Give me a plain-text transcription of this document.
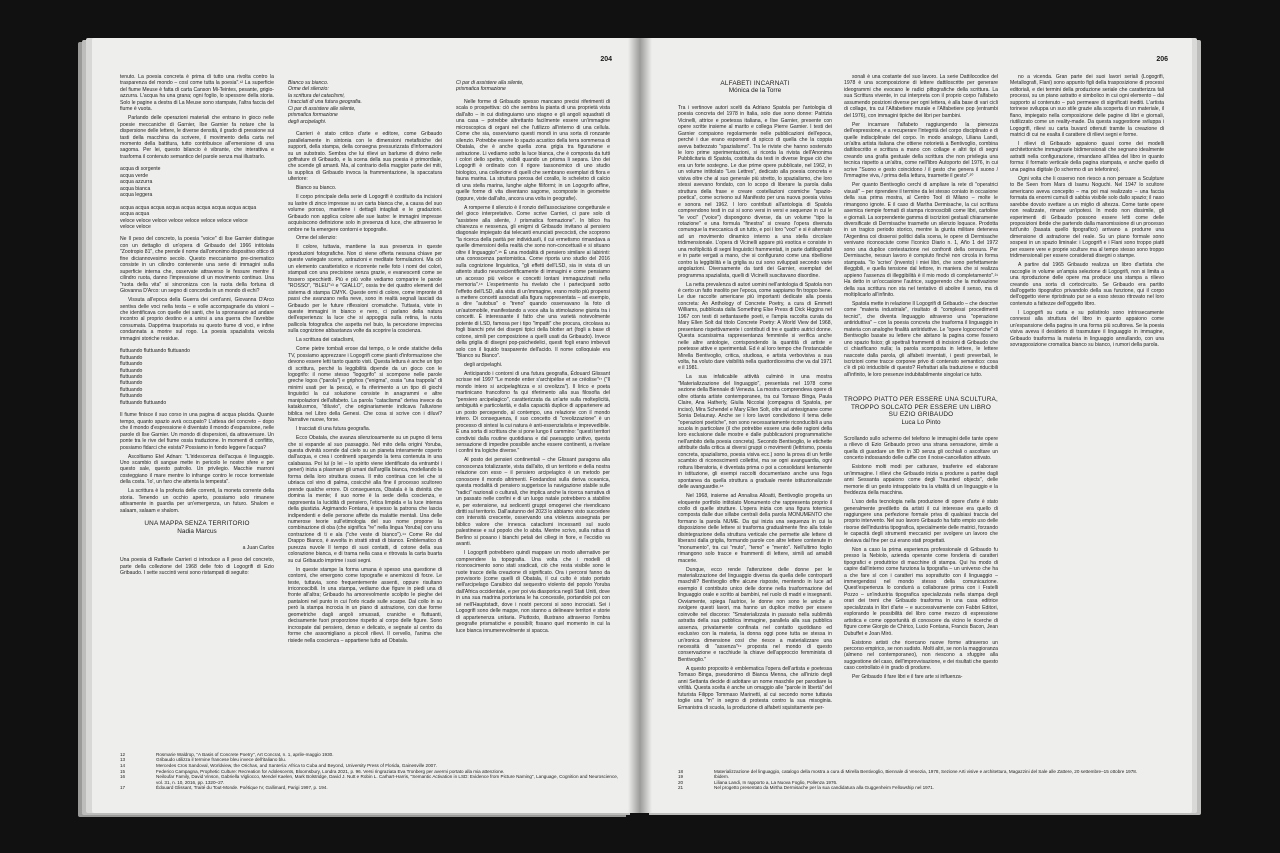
204

tenuto. La poesia concreta è prima di tutto una rivolta contro la trasparenza del mondo – così come tutta la poesia".¹² La superficie del fiume Meuse è fatta di carta Canson Mi-Teintes, pesante, grigio-azzurra. L'acqua ha una grana; ogni foglio, lo spessore della storia. Solo le pagine a destra di La Meuse sono stampate, l'altra faccia del fiume è vuota.

Parlando delle operazioni materiali che entrano in gioco nelle poesie meccaniche di Garnier, Ilse Garnier fa notare che la dispersione delle lettere, le diverse densità, il grado di pressione sui tasti della macchina da scrivere, il movimento della carta nel momento della battitura, tutto contribuisce all'emersione di una sagoma. Per lei, questo bilancio è vibrante, che interattiva e trasforma il contenuto semantico del parole senza mai illustrarlo.

acqua di sorgente
acqua verde
acqua azzurra
acqua bianca
acqua leggera
acqua acqua acqua acqua acqua acqua acqua acqua acqua
acqua acqua
veloce veloce veloce veloce veloce veloce veloce veloce
veloce veloce

Ne Il peso del concreto, la poesia "voice" di Ilse Garnier distingue con un dettaglio di un'opera di Gribaudo del 1966 intitolata "Zootropio 81", che prende il nome dall'omonimo dispositivo ottico di fine diciannovesimo secolo. Questo meccanismo pre-cinematico consiste in un cilindro contenente una serie di immagini sulla superficie interna che, osservate attraverso le fessure mentre il cilindro ruota, danno l'impressione di un movimento continuo. Una "ruota della vita" si sincronizza con la ruota della fortuna di Giovanna D'Arco: un segno di concordia in un mondo di echi?

Vissuta all'epoca della Guerra dei cent'anni, Giovanna D'Arco sentiva delle voci nella testa – e volle accompagnarle da visioni – che identificava con quelle dei santi, che la spronavano ad andare incontro al proprio destino e a unirsi a una guerra che l'avrebbe consumata. Dapprima trasportata su questo fiume di voci, e infine condannata a morire sul rogo. La poesia spazialista veicola immagini storiche residue.

fluttuando fluttuando fluttuando
fluttuando
fluttuando
fluttuando
fluttuando
fluttuando
fluttuando
fluttuando
fluttuando fluttuando

Il fiume finisce il suo corso in una pagina di acqua placida. Quante tempo, quanto spazio avrà occupato? L'attesa del concreto – dopo che il mondo d'espressione è diventato il mondo d'espansione, nelle parole di Ilse Garnier. Un mondo di dispersioni, da attraversare. Un ponte tra le rive del fiume ossia traduzione. In momenti di conflitto, possiamo fidarci che esista? Possiamo in fondo leggere l'acqua?

Ascoltiamo Etel Adnan: "L'iridescenza dell'acqua è linguaggio. Uno scambio di sangue mette in pericolo le nostre sfere e per questo sale, questo patrolio. Un privilegio. Macchie marroni costeggiano il mare mentre lo infrange contro le rocce tormentate della costa. 'Io', un faro che attenta la tempesta".

La scrittura è la profezia delle correnti, la moneta corrente della storia. Tenendo un occhio aperto, possiamo solo rimanere attivamente in guardia per un'emergenza, un futuro. Shalom e salaam, salaam e shalom.

UNA MAPPA SENZA TERRITORIO
Nadia Marcus
a Juan Carlos

Una poesia di Raffaele Carrieri ci introduce a Il peso del concreto, parte della collezione del 1968 delle foto di Logogrifi di Ezio Gribaudo. I sette succinti versi sono ristampati di seguito:

Bianco su bianco.
Orme del silenzio:
la scrittura dei cataclismi,
i tracciati di una futura geografia.
Ci par di assistere alle silente,
prismatica formazione
degli arcipelaghi.

Carrieri è stato critico d'arte e editore, come Gribaudo parallelamente in sintonia con le dimensioni metafisiche dei supporti, della stampa, della consegna pressurizzata d'informazioni su un substrato. Sembra che lui rilievi un barlume di divino nelle goffrature di Gribaudo, e la scena della sua poesia è primordiale, che scende gli amanti. Ma, al contrario della maggior parte dei miti, la supplica di Gribaudo invoca la frammentazione, la spaccatura ulteriore:

Bianco su bianco.

Il corpo principale della serie di Logogrifi è costituito da incisioni su lastre di zinco impresse su un carta bianca che, a causa del suo volume poroso, mantiene i dettagli intagliati e le gradazioni. Gribaudo non applica colore alle sue lastre: le immagini impresse acquisiscono definizione solo in presenza di luce, che attraverso le ombre ne fa emergere contorni e topografie.

Orme del silenzio:

Il colore, tuttavia, mantiene la sua presenza in queste riproduzioni fotografiche. Non ci viene offerta nessuna chiave per queste variegate scene, astrazioni e meditate formulazioni. Ma ciò un elemento caratteristico e ricorrente nelle foto i nomi dei colori, stampati con una precisione senza grazie, e evanescenti come se fossero specchietti. Più e più volte vediamo comparire le parole "ROSSO", "BLEU"¹³ e "GIALLO", ossia tre dei quattro elementi del sistema di stampa CMYK. Queste ormi di colore, come impronte di passi che avanzano nella neve, sono in realtà segnali lasciati da Gribaudo per le future riflessioni cromatiche. Tuttavia, viste in queste immagini in bianco e nero, ci parlano della natura dell'esperienza: la luce che si appoggia sulla retina, la ruota pallicola fotografica che aspetta nel buio, la percezione imprecisa sulla cognizione abbastanza volte da scoprire la coscienza.

La scrittura dei cataclismi,

Come pietre tombali erose dal tempo, o le onde statiche della TV, possiamo apprezzare i Logogrifi come pianti d'informazione che devono essere letti tanto quanto visti. Questa lettura è anche un tipo di scrittura, perché la leggibilità dipende da un gioco con le logogrifo: il nome stesso "logogrifo" si scompone nelle parole greche logos ("parola") e griphos ("enigma", ossia "una trappola" di minimi usati per la pesca), e fa riferimento a un tipo di giochi linguistici la cui soluzione consiste in anagrammi e altre manipolazioni dell'alfabeto. La parola "cataclisma" deriva invece da kataklusmos, "diluvio", che originariamente indicava l'alluvione biblica nel Libro della Genesi. Che cosa si scrive con i diluvi? Narrative nuove, forse.

I tracciati di una futura geografia.

Ecco Obatala, che avanza silenziosamente su un pugno di terra che si espande al suo passaggio. Nel mito della origini Yoruba, questa divinità scende dal cielo su un pianeta interamente coperto dall'acqua, e crea i continenti spargendo la terra contenuta in una calabassa. Poi lui (o lei – lo spirito viene identificato da entrambi i generi) inizia a plasmare gli umani dall'argilla bianca, modellando la forma della loro struttura ossea. Il mito continua con lei che si ubriaca col vino di palma, cosicché alla fine il processo scultoreo prende qualche errore. Di conseguenza, Obatala è la divinità che domina la mente; il suo nome è la sede della coscienza, e rappresenta la lucidità di pensiero, l'etica limpida e la luce intensa della giustizia. Argimando Fontana, è spesso la patrona che lascia indipendenti e delle persone affette da malattie mentali. Una delle numerose teorie sull'etimologia del suo nome propone la combinazione di oba (che significa "re" nella lingua Yoruba) con una contrazione di ti e ala ("che veste di bianco").¹⁴ Come Re dal Drappo Bianco, è avvolta in stratti strati di bianco. Emblematico di purezza nuvole Il tempo di suoi contatti, di cotone della sua colorazione bianca, e di trama nella casa e ritrovata la carta buarta su cui Gribaudo imprime i suoi segni.

In queste stampe la forma umana è spesso una questione di contorni, che emergono come topografie e anemicosi di forze. Le teste, tuttavia, sono frequentemente assenti, oppure risultano irriconoscibili. In una stampa, vediamo due figure in piedi una di fronte all'altra; Gribaudo ha amorevolmente scolpito le pieghe dei pantaloni nel punto in cui l'orlo ricade sulle scarpe. Dal collo in su però la stampa incrocia in un piano di astrazione, con due forme geometriche dagli angoli smussati, craniche e fluttuanti, decisamente fuori proporzione rispetto al corpo delle figure. Sono incrospate dal pensiero, denso e delicato, e segnate al centro da forme che assomigliano a piccoli rilievi. Il cervello, l'anima che risiede nella coscienza – appartiene tutto ad Obatala.

Ci par di assistere alla silente,
prismatica formazione

Nelle forme di Gribaudo spesso mancano precisi riferimenti di scala o prospettiva: ciò che sembra la pianta di una proprietà vista dall'alto – in cui distinguiamo uno stagno e gli angoli squadrati di una casa – potrebbe altrettanto facilmente essere un'immagine microscopica di organi nel che l'utilizzo all'interno di una cellula. Come che sia, osserviamo questi mondi in una sorta di ronzante silenzio. Potrebbe essere lo spazio acustico della terra sommersa di Obatala, che è anche quella zona grigia tra figurazione e astrazione. Li vediamo sotto la luce bianca, che è composta da tutti i colori dello spettro, visibili quando un prisma li separa. Uno dei Logogrifi è ordinato con il rigore tassonomico di uno studio biologico, una collezione di quelli che sembrano esemplari di flora e fauna marina. La struttura porosa del corallo, lo scheletro di calcio di una stella marina, lunghe alghe filiformi; in un Logogrifo affine, quelle forme di vita diventano sagome, scomposte in geometrie (oppure, viste dall'alto, ancora una volta in geografie).

A romperne il silenzio è il ronzio dell'associazione congetturale e del gioco interpretativo. Come scrive Carrieri, ci pare solo di "assistere alla silente, / prismatica formazione". In bilico fra chiarezza e nessenza, gli enigmi di Gribaudo invitano al pensiero diagonale impiegato dai telecanti enunciati precocisti, che scoprono "la ricerca della parità per individuarli, il cui ermetismo rimandava a quelle dimensioni della realtà che sono non-concettuali e si situano oltre il linguaggio".¹⁵ È una modalità di pensiero similare ai labirinti: una conoscenza pantomistica. Come riporta uno studio del 2016 sulla cognizione linguistica, "gli effetti dell'LSD, sia in vista di un attento studio neuroscientificamente di immagini e come pensiamo un accesso più veloce e concetti lontani immagazzinati nella memoria".¹⁶ L'esperimento ha rivelato che i partecipanti sotto l'effetto dell'LSD, alla vista di un'immagine, erano molto più propensi a mettere concetti associati alla figura rappresentata – ad esempio, a dire "autobus" o "treno" quando osservavano la foto di un'automobile, manifestando a voce alta la stimolazione giunta tra i concetti. È interessante il fatto che una varietà notevolmente potente di LSD, famosa per i tipo "impatti" che procura, circolava su fogli bianchi privi dei disegni tipici della blotter art (fogli a base di cotone, simili per composizione a quelli usati da Gribaudo). Invece della griglia di disegni pop-psichedelici, questi fogli erano imbevuti solo con il liquido trasparente dell'acido. Il nome colloquiale era "Bianco su Bianco".

degli arcipelaghi.

Anticipando i contorni di una futura geografia, Édouard Glissant scrisse nel 1997 "Le monde entier s'archipélise et se créolise"¹⁷ ("Il mondo intero si arcipelaghizza e si creolizza"). Il lirico e poeta martinicano francofono fa qui riferimento alla sua filosofia del "pensiero arcipelagico", caratterizzata da un'arte sulla molteplicità, ambiguità e particolarità, e dalla capacità duplice di appartenere ad un posto percependo, al contempo, una relazione con il mondo intero. Di conseguenza, il suo concetto di "creolizzazione" è un processo di sintesi la cui natura è anti-essenzialista e imprevedibile. È una sorta di scrittura che si pone lungo il cammino: "questi territori condivisi dalla routine quotidiana e dal paesaggio unitivo, questa sensazione di impedire possibile anche essere continenti, a rivelare i confini tra logiche diverse."

Al posto dei pensieri continentali – che Glissant paragona alla conoscenza totalizzante, vista dall'alto, di un territorio e della nostra relazione con esso – il pensiero arcipelagico è un metodo per conoscere il mondo altrimenti. Fondandosi sulla deriva oceanica, questa modalità di pensiero suggerisce la navigazione stabile sulle "radici" nazionali o culturali, che implica anche la ricerca narrativa di un passato nelle confini e di un luogo natale potrebbero a stabilire e, per estensione, sui sedicenti gruppi omogenei che rivendicano diritti sul territorio. Dall'autunno del 2023 lo abbiamo visto succedere con intensità crescente, osservando una violenza assegnata per biblico valore che innesca cataclismi incessanti sul suolo palestinese e sul popolo che lo abita. Mentre scrivo, sulla rattua di Berlino si posano i bianchi petali dei ciliegi in fiore, e l'eccidio va avanti.

I Logogrifi potrebbero quindi mappare un modo alternativo per comprendere la topografia. Una volta che i modelli di riconoscimento sono stati sradicati, ciò che resta visibile sono le ruote tracce della creazione di significato. Ora i percorsi fanno da provvisorio (come quelli di Obatala, il cui culto è stato portato nell'arcipelago Caraibico dal sequestro violento del popolo Yoruba dall'Africa occidentale, e per poi via diasporica negli Stati Uniti, dove in una sua madrina portoriana le ha concessile, portandolo poi con sé nell'Hauptstadt, dove i nostri percorsi si sono incrociati. Sei i Logogrifi sono delle mappe, non stanno a delineare territori e storie di appartenenza unitaria. Piuttosto, illustrano attraverso l'ombra geografie prismatiche e possibili; fissano quel momento in cui la luce bianca innumerevolmente si spacca.

12	Rosmarie Waldrop, "A Basis of Concrete Poetry", Art Concrat, n. 1, aprile-maggio 1930.
13	Gribaudo utilizza il termine francese bleu invece dell'italiano blu.
14	Mercedes Cros Sandoval, Worldview, the Orichas, and Santería: Africa to Cuba and Beyond, University Press of Florida, Gainesville 2007.
15	Federico Campagna, Prophetic Culture: Recreation for Adolescents, Bloomsbury, Londra 2021, p. 96. Versi ringraziata Eva Tronberg per avermi portato alla mia attenzione.
16	Neiloufar Family, David Vinson, Gabriella Vigliocco, Mendel Kaelen, Mark Bolstridge, David J. Nutt e Robin L. Carhart-Harris, "Semantic Activation in LSD: Evidence from Picture Naming", Language, Cognition and Neuroscience, vol. 31, n. 10, 2016, pp. 1320–27.
17	Édouard Glissant, Traité du Tout-Monde. Poétique IV, Gallimard, Parigi 1997, p. 194.
206
ALFABETI INCARNATI
Mónica de la Torre

Tra i vertinove autori scelti da Adriano Spatola per l'antologia di poesia concreta del 1978 in Italia, solo due sono donne: Patrizia Vicinelli, attrice e poetessa italiana, e Ilse Garnier, presente con opere scritte insieme al marito e collega Pierre Garnier. I testi dei Garnier compaiono regolarmente nelle pubblicazioni dell'epoca, perché i due erano esponenti di spicco di quella che la coppia aveva battezzato "spazialismo". Tra le riviste che hanno sostenuto le loro prime sperimentazioni, si ricorda la rivista dell'Anonima Pubblicitaria di Spatola, costituita da testi in diverse lingue ciò che era un forte sostegno. Le due prime opere pubblicate, nel 1962, in un volume intitolato "Les Lettres", dedicato alla poesia concreta e visiva oltre che al suo generale più stretto, lo spazialismo, che loro stessi avevano fondato, con lo scopo di liberare la parola dalla struttura della frase e creare costellazioni cosmiche "spazio-poetica", come scrivono sul Manifesto per una nuova poesia visiva e sonora nel 1962. I loro contributi all'antologia di Spatola comprendono testi in cui si sono versi in versi e sequenze in cui le "le voci" ("voice") dispongono diverse, da un volume "tipo la rotazione" e una formula "finestra" si creano l'opera divenuta comunque la meccanica di un tutto, e poi i loro "voci" e si è alternato ad un movimento dinamico interno a una stella circolare tridimensionale. L'opera di Vicinelli appare più esotica e consiste in una moltiplicità di segni linguistici frammentati, in parte dattilografati e in parte vergati a mano, che si configurano come una ribellione contro la leggibilità e la griglia su cui sono sviluppati secondo varie angolazioni. Diversamente da tanti dei Garnier, esemplari del programma spazialista, quelli di Vicinelli suscitavano disordine.

La netta prevalenza di autori uomini nell'antologia di Spatola non è certo un fatto insolito per l'epoca, come sappiamo fin troppo bene. Le due raccolte americane più importanti dedicate alla poesia concreta: An Anthology of Concrete Poetry, a cura di Emmett Williams, pubblicata dalla Something Else Press di Dick Higgins nel 1967 con testi di settantasette poeti, e l'ampia raccolta curata da Mary Ellen Solt dal titolo Concrete Poetry: A World View del 1968, presentano rispettivamente i contributi di tre e quattro autrici donne. Questa scarsissima rappresentanza femminile si verifica anche nelle altre antologie, corrispondendo la quantità di artiste e poetesse attive e sperimentali. Ed è al loro tempo che l'instancabile Mirella Bentivoglio, critica, studiosa, e artista verbovisiva a sua volta, ha voluto dare visibilità nella quattordicesima che va dal 1971 e il 1981.

La sua infaticabile attività culminò in una mostra "Materializzazione del linguaggio", presentata nel 1978 come sezione della Biennale di Venezia. La mostra comprendeva opere di oltre ottanta artiste contemporanee, tra cui Tomaso Binga, Paula Claire, Ana Hatherly, Giulia Niccolai (compagna di Spatola, per inciso), Mira Schendel e Mary Ellen Solt, oltre ad antesignane come Sonia Delaunay. Anche se i loro lavori condividono il tema delle "operazioni poetiche", non sono necessariamente riconducibili a una scuola in particolare (il che potrebbe essere una delle ragioni della loro esclusione dalle mostre e dalle pubblicazioni programmatiche nell'ambito della poesia concreta). Secondo Bentivoglio, le etichette attribuite dalla critica ai diversi gruppi o movimenti (lettrismo, poesia concreta, spazialismo, poesia visiva ecc.) sono la prova di un fertile scambio di riconoscimenti collettivi, ma se ogni avanguardia, ogni rottura liberatoria, è diventata prima o poi a consolidarsi lentamente in istituzione, gli esempi raccolti documentano anche una foga spontanea da quella struttura a graduale mente istituzionalizzate delle avanguardie.¹⁸

Nel 1968, insieme ad Annalisa Alloatti, Bentivoglio progetta un eloquente portfolio intitolato Monumento che rappresenta proprio il crollo di quelle strutture. L'opera inizia con una figura totemica composta dalle due sillabe centrali della parola MONUMENTO che formano la parola NUME. Da qui inizia una sequenza in cui la disposizione delle lettere si trasforma gradualmente fino alla totale disintegrazione della struttura verticale che permette alle lettere di liberarsi dalla griglia, formando parole con altre lettere contenute in "monumento", tra cui "muto", "temo" e "mento". Nell'ultimo foglio rimangono solo tracce e frammenti di lettere, simili ad amabili macerie.

Dunque, ecco rende l'attenzione delle donne per le materializzazione del linguaggio diversa da quella delle controparti maschili? Bentivoglio offre alcune risposte, mentendo in luce ad esempio il contributo unico delle donne nella trasformazione del linguaggio orale e scritto ai bambini, nel ruolo di madri e insegnanti. Ovviamente, spiega l'autrice, le donne non sono le uniche a svolgere questi lavori, ma hanno un duplice motivo per essere coinvolte nel discorso: "Smaterializzata in passato nella sublimità astratta della sua pubblica immagine, parallela alla sua pubblica assenza, privatamente confinata nel contatto quotidiano ed esclusivo con la materia, la donna oggi pone tutta se stessa in un'ironica dimensione così che riesce a materializzare una necessità di "assenza"¹⁹ proposta nel mondo di questo conservazione e racchiude la chiave dell'approccio femminista di Bentivoglio."

A questo proposito è emblematica l'opera dell'artista e poetessa Tomaso Binga, pseudonimo di Bianca Menna, che all'inizio degli anni Settanta decide di adottare un nome maschile per parodiare la virilità. Questa scelta è anche un omaggio alle "parole in libertà" del futurista Filippo Tommaso Marinetti, al cui secondo nome tuttavia toglie una "m" in segno di protesta contro la sua misoginia. Ermanistra di scuola, la produzione di alfabeti squisitamente per-

sonali è una costante del suo lavoro. La serie Dattilocodice del 1978 è una scomposizione di lettere dattiloscritte per generare ideogrammi che evocano le radici pittografiche della scrittura. La sua Scrittura vivente, in cui interpreta con il proprio corpo l'alfabeto assumendo posizioni diverse per ogni lettera, è alla base di vari cicli di collage, tra cui l'Alfabetiere murale e l'Alfabetiere pop (entrambi del 1976), con immagini tipiche dei libri per bambini.

Per incarnare l'alfabeto raggiungendo la pienezza dell'espressione, e a recuperare l'integrità del corpo disciplinato e di quelle indisciplinate del corpo. In modo analogo, Liliana Landi, un'altra artista italiana che ottiene notorietà a Bentivoglio, combina dattiloscritto e scrittura a mano con collage e altri tipi di segni creando una grafia gestuale della scrittura che non privilegia una tecnica rispetto a un'altra, come nell'libro Autoporto del 1976, in cui scrive "Suono e gesto coincidono / il gesto che genera il suono / l'immagine viva, / prima della lettura, trasmette il gesto".²⁰

Per quanto Bentivoglio cerchi di ampliare la rete di "operatrici visuali" – per riprendere il termine da lei stesso coniato in occasione della sua prima mostra, al Centro Tool di Milano – molte le rimangono ignote. E il caso di Martha Dermisache, la cui scrittura asemica riempie formati di stampa riconoscibili come libri, cartoline e giornali. La sorprendente gamma di iscrizioni gestuali chiaramente diversificate di Dermisache trasmette un silenzio loquace. Prodotta in un tragico periodo storico, mentre la giunta militare deteneva l'Argentina coi dissensi politici dalla scena, le opere di Dermisache venivano riconosciute come l'iconico Diario n. 1, Año 1 del 1972 sono una duplice contestazione nei confronti della censura. Per Dermisache, nessun lavoro è compiuto finché non circola in forma stampata. "Io 'scrivo' (invento) i miei libri, che sono perfettamente illeggibili, e quella tensione dal lettore, in maniera che si realizza appieno l'assenza di illeggibilità è il mio modo di completamento".²¹ Ha detto in un'occasione l'autrice, suggerendo che la motivazione della sua scrittura non sta nel tentativo di abolire il senso, ma di moltiplicarlo all'infinito.

Spatola mette in relazione Il Logogrifi di Gribaudo – che descrive come "materia industriale", risultato di "complessi procedimenti tecnici", che diventa linguaggio attraverso una "operazione antiriduttiva" – con la poesia concreta che trasforma il linguaggio in materia con analoghe finalità antiriduttive. Le "opere logocronche" di Bentivoglio basate su lettere che abitano la pagina come fossero uno spazio fisico; gli spettrali frammenti di incisioni di Gribaudo che ci chiarificano nulla; la parola scomposta in lettere, le lettere nascoste dalla parola, gli alfabeti inventati, i gesti preverbali, le iscrizioni come tracce corporee privo di contenuto semantico: cosa c'è di più irriducibile di questo? Refrattari alla traduzione e riducibili all'infinito, le loro presenze indubitabilmente singolari ce tutto.

TROPPO PIATTO PER ESSERE UNA SCULTURA,
TROPPO SOLCATO PER ESSERE UN LIBRO
SU EZIO GRIBAUDO
Luca Lo Pinto

Scrollando sullo schermo del telefono le immagini delle tante opere a rilievo di Ezio Gribaudo provo una strana sensazione, simile a quella di guardare un film in 3D senza gli occhiali o ascoltare un concerto indossando delle cuffie con il noise-cancellation attivato.

Esistono molti modi per catturare, trasferire ed elaborare un'immagine. I rilievi che Gribaudo inizia a produrre a partire dagli anni Sessanta appaiono come degli "haunted objects", delle memorie di un gesto intrappolato tra la vitalità di un linguaggio e la freddezza della macchina.

L'uso della tecnologia nella produzione di opere d'arte è stato generalmente prediletto da artisti il cui interesse era quello di raggiungere una perfezione formale priva di qualsiasi traccia del proprio intervento. Nel suo lavoro Gribaudo ha fatto empio uso delle risorse dell'industria tipografica, specialmente delle matrici, forzando le capacità degli strumenti meccanici per svolgere un lavoro che deviava dal fine per cui erano stati progettati.

Non a caso la prima esperienza professionale di Gribaudo fu presso la Nebiolo, azienda operante come fonderia di caratteri tipografici e produttrice di macchine di stampa. Qui ha modo di capire dall'interno come funziona la tipografia – un universo che ha a che fare sì con i caratteri ma soprattutto con il linguaggio – immergendosi nel mondo stesso della comunicazione. Quest'esperienza lo condurrà a collaborare prima con i Fratelli Pozzo – un'industria tipografica specializzata nella stampa degli orari dei treni che Gribaudo trasforma in una casa editrice specializzata in libri d'arte – e successivamente con Fabbri Editori, esplorando le possibilità del libro come mezzo di espressione artistica e come opportunità di conoscere da vicino le ricerche di figure come Giorgio de Chirico, Lucio Fontana, Francis Bacon, Jean Dubuffet e Joan Miró.

Esistono artisti che ricercano nuove forme attraverso un percorso empirico, se non sudisto. Molti altri, se non la maggioranza (almeno nel contemporaneo), non riescono a sfuggire alla suggestione del caso, dell'improvvisazione, e dei risultati che questo caso controllato è in grado di produrre.

Per Gribaudo il fare libri e il fare arte si influenza-

no a vicenda. Gran parte dei suoi lavori seriali (Logogrifi, Metallografi, Flani) sono appunto figli della trasposizione di processi editoriali, e dei termini della produzione seriale che caratterizza tali processi, su un piano astratto e simbolico in cui ogni elemento – dal supporto al contenuto – può permeare di significati inediti. L'artista torinese sviluppa un suo stile grazie alla scoperta di un materiale, il flano, impiegato nella composizione delle pagine di libri e giornali, riutilizzato come un reality-made. Da questa suggestione sviluppa i Logogrifi, rilievi su carta buvard ottenuti tramite la creazione di matrici di cui ne esalta il carattere di rilievi segni e forme.

I rilievi di Gribaudo appaiono quasi come dei modelli architettoniche immaginarie bidimensionali che segnano idealmente astratti nella configurazione, rimandano all'idea del libro in quanto forma: il formato verticale della pagina stampata, e anche quello di una pagina digitale (lo schermo di un telefonino).

Ogni volta che li osservo non riesco a non pensare a Sculpture to Be Seen from Mars di Isamu Noguchi. Nel 1947 lo scultore americano aveva concepito – ma poi mai realizzato – una faccia formata da enormi cumuli di sabbia visibile solo dallo spazio; il naso sarebbe dovuto svettare a un miglio di altezza. Come tante opere non realizzate, rimane un'ipotesi. In modo non dissimile, gli esperimenti di Gribaudo possono essere letti come delle proposizioni ibride che partendo dalla manomissione di un processo tutt'unito (basata quello tipografico) arrivano a produrre una dimensione di astrazione del reale. Su un piano formale sono sospesi in un spazio liminale: i Logogrifi e i Flani sono troppo piatti per essere vere e proprie sculture ma al tempo stesso sono troppo tridimensionali per essere considerati disegni o stampe.

A partire dal 1965 Gribaudo realizza un libro d'artista che raccoglie in volume un'ampia selezione di Logogrifi, non si limita a una riproduzione delle opere ma produce una stampa a rilievo creando una sorta di cortocircuito. Se Gribaudo era partito dall'oggetto tipografico privandolo della sua funzione, qui il corpo dell'oggetto viene ripristinato pur se a esso stesso ritrovato nel loro contenuto a fattezze dell'oggetto libro.

I Logogrifi su carta e su polistirolo sono intrinsecamente connessi alla struttura del libro in quanto appaiono come un'espansione della pagina in una forma più scultorea. Se la poesia visiva aveva il desiderio di trasmutare il linguaggio in immagine, Gribaudo trasforma la materia in linguaggio annullando, con una sovrapposizione cromatica bianco su bianco, i rumori della parola.

18	Materializzazione del linguaggio, catalogo della mostra a cura di Mirella Bentivoglio, Biennale di Venezia, 1978, Sezione Arti visive e architettura, Magazzini del Sale alle Zattere, 20 settembre–15 ottobre 1978.
19	Ibidem.
20	Liliana Landi, In rapporto a, La Nuova Foglio, Pollenza 1976.
21	Nel progetto presentato da Mirtha Dermisache per la sua candidatura alla Guggenheim Fellowship nel 1971.
